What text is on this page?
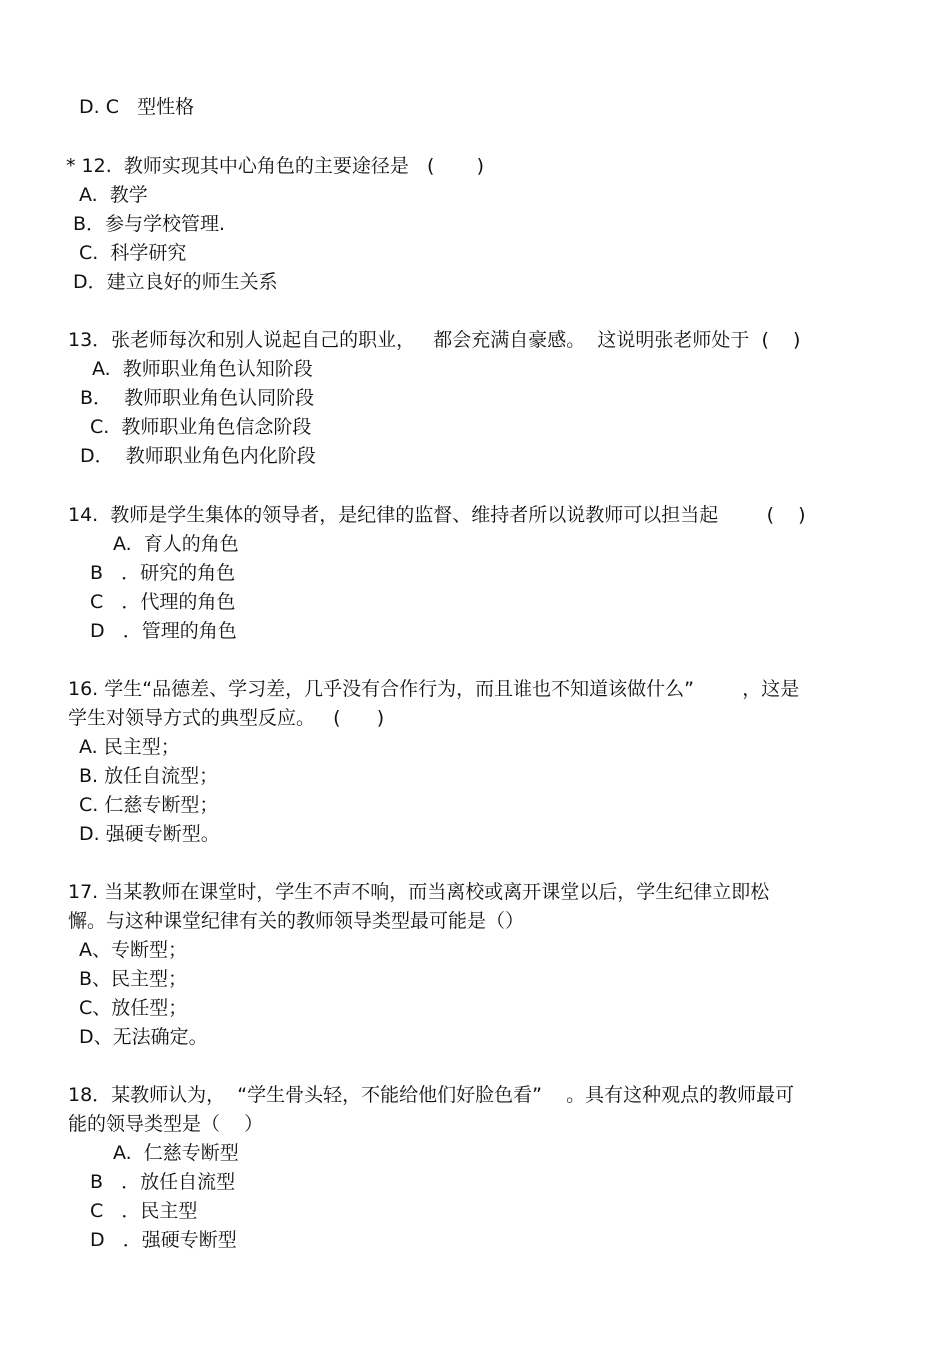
D. C   型性格
* 12.  教师实现其中心角色的主要途径是   (       )
A.  教学
B．参与学校管理.
C.  科学研究
D．建立良好的师生关系
13．张老师每次和别人说起自己的职业，   都会充满自豪感。  这说明张老师处于  (    )
A.  教师职业角色认知阶段
B．  教师职业角色认同阶段
C.  教师职业角色信念阶段
D．  教师职业角色内化阶段
14.  教师是学生集体的领导者，是纪律的监督、维持者所以说教师可以担当起        (    )
A.  育人的角色
B   ．研究的角色
C   ．代理的角色
D   ．管理的角色
16. 学生“品德差、学习差，几乎没有合作行为，而且谁也不知道该做什么”        ，这是
学生对领导方式的典型反应。   (      )
A. 民主型；
B. 放任自流型；
C. 仁慈专断型；
D. 强硬专断型。
17. 当某教师在课堂时，学生不声不响，而当离校或离开课堂以后，学生纪律立即松
懈。与这种课堂纪律有关的教师领导类型最可能是（）
A、专断型；
B、民主型；
C、放任型；
D、无法确定。
18．某教师认为，  “学生骨头轻，不能给他们好脸色看”    。具有这种观点的教师最可
能的领导类型是（    ）
A.  仁慈专断型
B   ．放任自流型
C   ．民主型
D   ．强硬专断型
